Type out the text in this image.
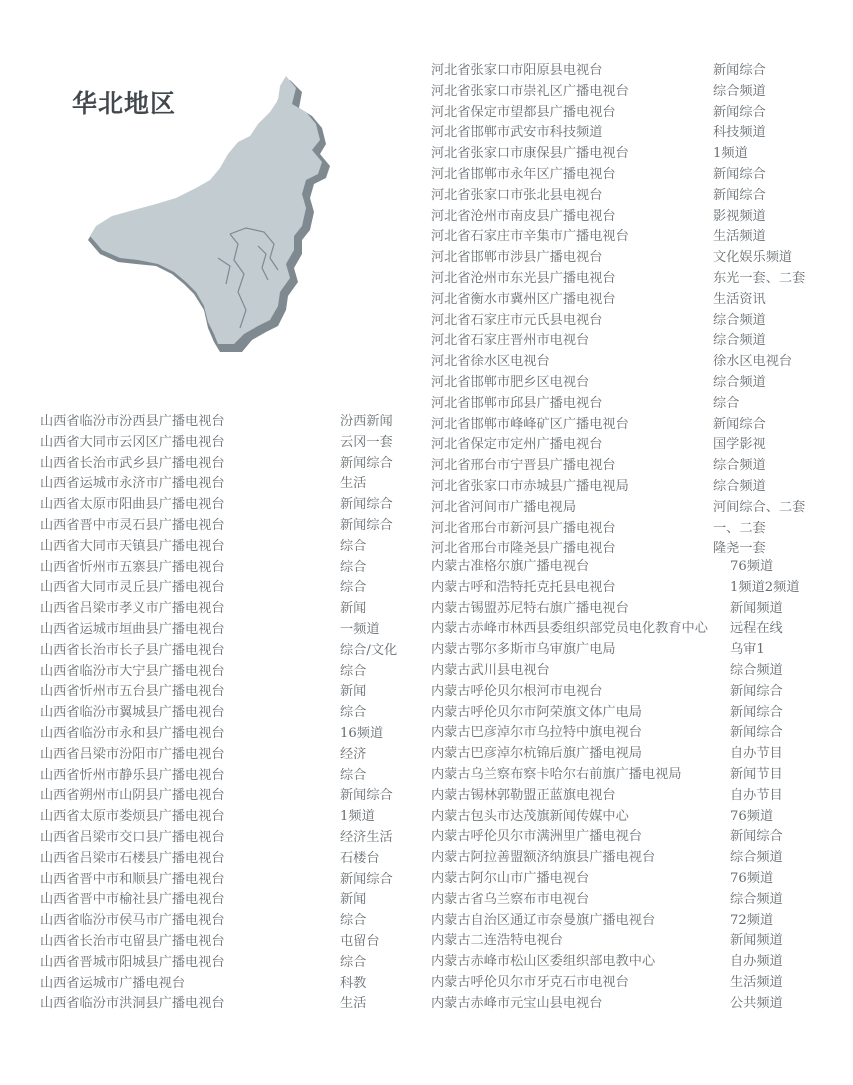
华北地区
河北省张家口市阳原县电视台	新闻综合
河北省张家口市崇礼区广播电视台	综合频道
河北省保定市望都县广播电视台	新闻综合
河北省邯郸市武安市科技频道	科技频道
河北省张家口市康保县广播电视台	1频道
河北省邯郸市永年区广播电视台	新闻综合
河北省张家口市张北县电视台	新闻综合
河北省沧州市南皮县广播电视台	影视频道
河北省石家庄市辛集市广播电视台	生活频道
河北省邯郸市涉县广播电视台	文化娱乐频道
河北省沧州市东光县广播电视台	东光一套、二套
河北省衡水市冀州区广播电视台	生活资讯
河北省石家庄市元氏县电视台	综合频道
河北省石家庄晋州市电视台	综合频道
河北省徐水区电视台	徐水区电视台
河北省邯郸市肥乡区电视台	综合频道
河北省邯郸市邱县广播电视台	综合
河北省邯郸市峰峰矿区广播电视台	新闻综合
河北省保定市定州广播电视台	国学影视
河北省邢台市宁晋县广播电视台	综合频道
河北省张家口市赤城县广播电视局	综合频道
河北省河间市广播电视局	河间综合、二套
河北省邢台市新河县广播电视台	一、二套
河北省邢台市隆尧县广播电视台	隆尧一套
内蒙古准格尔旗广播电视台	76频道
内蒙古呼和浩特托克托县电视台	1频道2频道
内蒙古锡盟苏尼特右旗广播电视台	新闻频道
内蒙古赤峰市林西县委组织部党员电化教育中心 远程在线
内蒙古鄂尔多斯市乌审旗广电局	乌审1
内蒙古武川县电视台	综合频道
内蒙古呼伦贝尔根河市电视台	新闻综合
内蒙古呼伦贝尔市阿荣旗文体广电局	新闻综合
内蒙古巴彦淖尔市乌拉特中旗电视台	新闻综合
内蒙古巴彦淖尔杭锦后旗广播电视局	自办节目
内蒙古乌兰察布察卡哈尔右前旗广播电视局	新闻节目
内蒙古锡林郭勒盟正蓝旗电视台	自办节目
内蒙古包头市达茂旗新闻传媒中心	76频道
内蒙古呼伦贝尔市满洲里广播电视台	新闻综合
内蒙古阿拉善盟额济纳旗县广播电视台	综合频道
内蒙古阿尔山市广播电视台	76频道
内蒙古省乌兰察布市电视台	综合频道
内蒙古自治区通辽市奈曼旗广播电视台	72频道
内蒙古二连浩特电视台	新闻频道
内蒙古赤峰市松山区委组织部电教中心	自办频道
内蒙古呼伦贝尔市牙克石市电视台	生活频道
内蒙古赤峰市元宝山县电视台	公共频道
山西省临汾市汾西县广播电视台	汾西新闻
山西省大同市云冈区广播电视台	云冈一套
山西省长治市武乡县广播电视台	新闻综合
山西省运城市永济市广播电视台	生活
山西省太原市阳曲县广播电视台	新闻综合
山西省晋中市灵石县广播电视台	新闻综合
山西省大同市天镇县广播电视台	综合
山西省忻州市五寨县广播电视台	综合
山西省大同市灵丘县广播电视台	综合
山西省吕梁市孝义市广播电视台	新闻
山西省运城市垣曲县广播电视台	一频道
山西省长治市长子县广播电视台	综合/文化
山西省临汾市大宁县广播电视台	综合
山西省忻州市五台县广播电视台	新闻
山西省临汾市翼城县广播电视台	综合
山西省临汾市永和县广播电视台	16频道
山西省吕梁市汾阳市广播电视台	经济
山西省忻州市静乐县广播电视台	综合
山西省朔州市山阴县广播电视台	新闻综合
山西省太原市娄烦县广播电视台	1频道
山西省吕梁市交口县广播电视台	经济生活
山西省吕梁市石楼县广播电视台	石楼台
山西省晋中市和顺县广播电视台	新闻综合
山西省晋中市榆社县广播电视台	新闻
山西省临汾市侯马市广播电视台	综合
山西省长治市屯留县广播电视台	屯留台
山西省晋城市阳城县广播电视台	综合
山西省运城市广播电视台	科教
山西省临汾市洪洞县广播电视台	生活
